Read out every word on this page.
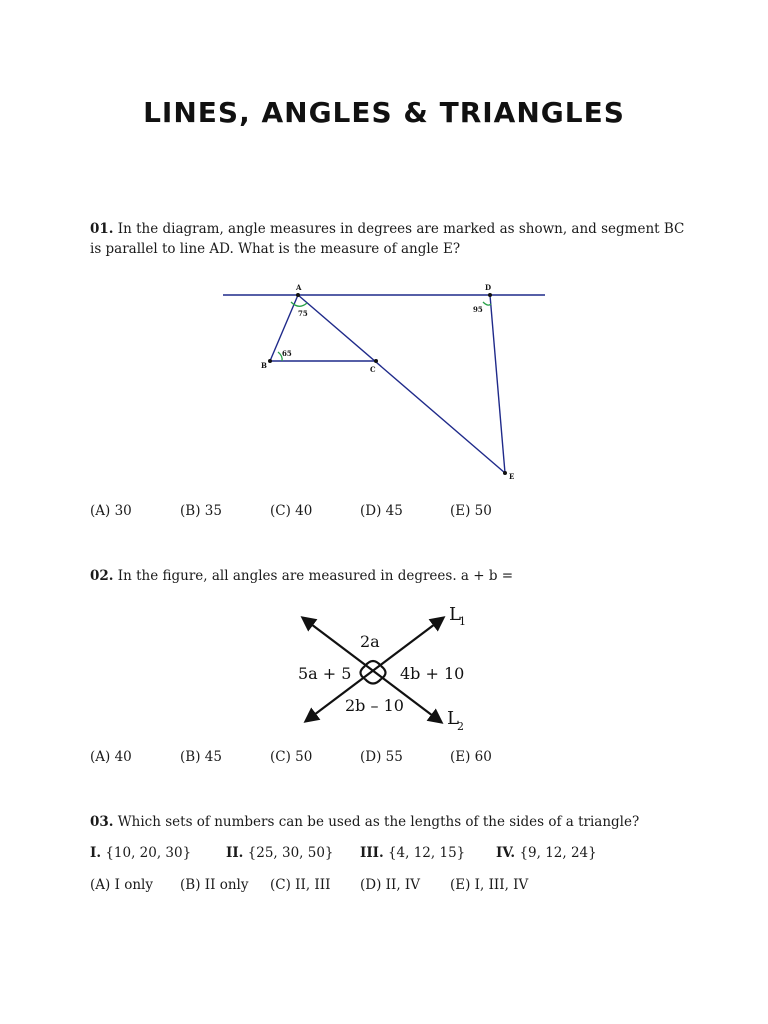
LINES, ANGLES & TRIANGLES
01. In the diagram, angle measures in degrees are marked as shown, and segment BC is parallel to line AD. What is the measure of angle E?
A
B	C
D
E
75
65
95
(A) 30	(B) 35	(C) 40	(D) 45	(E) 50
02. In the figure, all angles are measured in degrees. a + b =
2a
5a + 5	4b + 10
2b – 10
L
1
L
2
(A) 40	(B) 45	(C) 50	(D) 55	(E) 60
03. Which sets of numbers can be used as the lengths of the sides of a triangle?
I. {10, 20, 30}	II. {25, 30, 50} III. {4, 12, 15} IV. {9, 12, 24}
(A) I only (B) II only (C) II, III (D) II, IV (E) I, III, IV
